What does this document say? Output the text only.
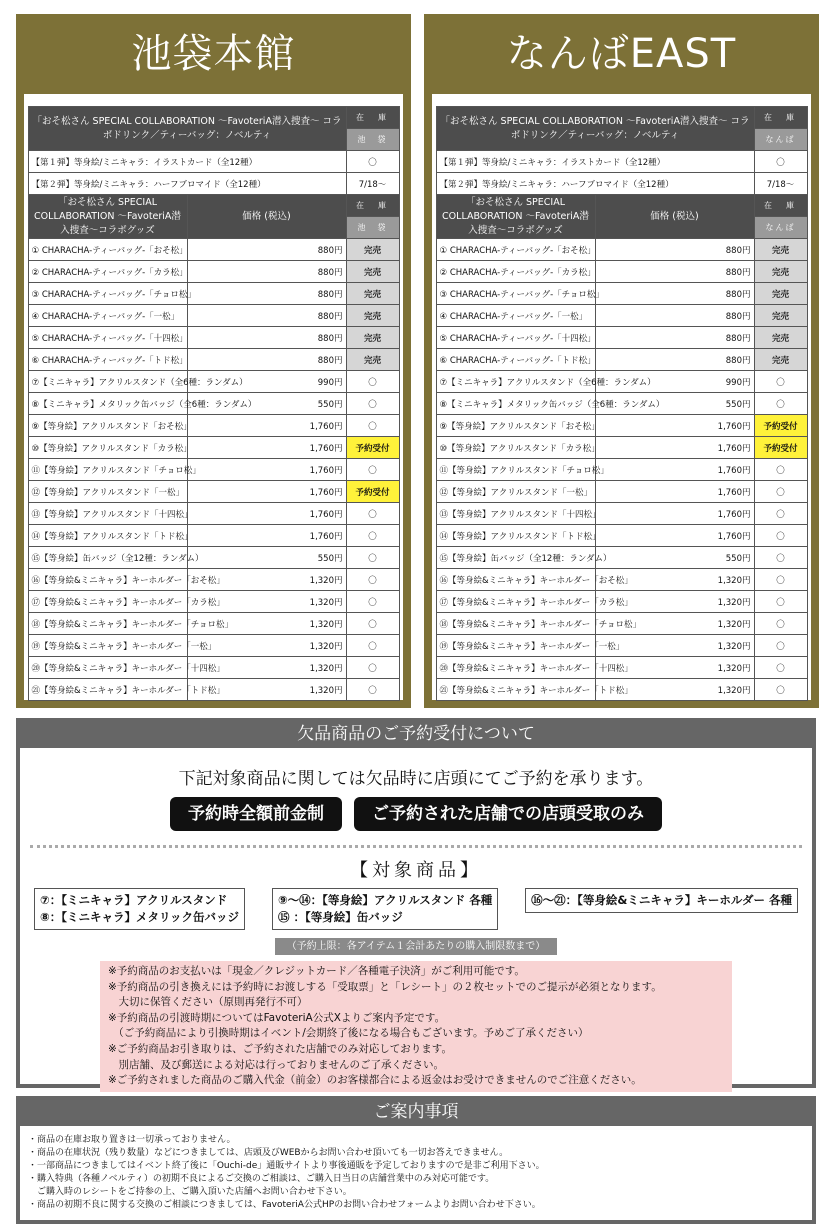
池袋本館
「おそ松さん SPECIAL COLLABORATION 〜FavoteriA潜入捜査〜 コラボドリンク／ティーバッグ：ノベルティ		在　庫
		池　袋
【第１弾】等身絵/ミニキャラ：イラストカード（全12種）		〇
【第２弾】等身絵/ミニキャラ：ハーフブロマイド（全12種）		7/18〜
「おそ松さん SPECIAL COLLABORATION 〜FavoteriA潜入捜査〜コラボグッズ	価格 (税込)	在　庫
		池　袋
① CHARACHA-ティーバッグ-「おそ松」	880円	完売
② CHARACHA-ティーバッグ-「カラ松」	880円	完売
③ CHARACHA-ティーバッグ-「チョロ松」	880円	完売
④ CHARACHA-ティーバッグ-「一松」	880円	完売
⑤ CHARACHA-ティーバッグ-「十四松」	880円	完売
⑥ CHARACHA-ティーバッグ-「トド松」	880円	完売
⑦【ミニキャラ】アクリルスタンド（全6種：ランダム）	990円	〇
⑧【ミニキャラ】メタリック缶バッジ（全6種：ランダム）	550円	〇
⑨【等身絵】アクリルスタンド「おそ松」	1,760円	〇
⑩【等身絵】アクリルスタンド「カラ松」	1,760円	予約受付
⑪【等身絵】アクリルスタンド「チョロ松」	1,760円	〇
⑫【等身絵】アクリルスタンド「一松」	1,760円	予約受付
⑬【等身絵】アクリルスタンド「十四松」	1,760円	〇
⑭【等身絵】アクリルスタンド「トド松」	1,760円	〇
⑮【等身絵】缶バッジ（全12種：ランダム）	550円	〇
⑯【等身絵&ミニキャラ】キーホルダー「おそ松」	1,320円	〇
⑰【等身絵&ミニキャラ】キーホルダー「カラ松」	1,320円	〇
⑱【等身絵&ミニキャラ】キーホルダー「チョロ松」	1,320円	〇
⑲【等身絵&ミニキャラ】キーホルダー「一松」	1,320円	〇
⑳【等身絵&ミニキャラ】キーホルダー「十四松」	1,320円	〇
㉑【等身絵&ミニキャラ】キーホルダー「トド松」	1,320円	〇
なんばEAST
「おそ松さん SPECIAL COLLABORATION 〜FavoteriA潜入捜査〜 コラボドリンク／ティーバッグ：ノベルティ		在　庫
		なんば
【第１弾】等身絵/ミニキャラ：イラストカード（全12種）		〇
【第２弾】等身絵/ミニキャラ：ハーフブロマイド（全12種）		7/18〜
「おそ松さん SPECIAL COLLABORATION 〜FavoteriA潜入捜査〜コラボグッズ	価格 (税込)	在　庫
		なんば
① CHARACHA-ティーバッグ-「おそ松」	880円	完売
② CHARACHA-ティーバッグ-「カラ松」	880円	完売
③ CHARACHA-ティーバッグ-「チョロ松」	880円	完売
④ CHARACHA-ティーバッグ-「一松」	880円	完売
⑤ CHARACHA-ティーバッグ-「十四松」	880円	完売
⑥ CHARACHA-ティーバッグ-「トド松」	880円	完売
⑦【ミニキャラ】アクリルスタンド（全6種：ランダム）	990円	〇
⑧【ミニキャラ】メタリック缶バッジ（全6種：ランダム）	550円	〇
⑨【等身絵】アクリルスタンド「おそ松」	1,760円	予約受付
⑩【等身絵】アクリルスタンド「カラ松」	1,760円	予約受付
⑪【等身絵】アクリルスタンド「チョロ松」	1,760円	〇
⑫【等身絵】アクリルスタンド「一松」	1,760円	〇
⑬【等身絵】アクリルスタンド「十四松」	1,760円	〇
⑭【等身絵】アクリルスタンド「トド松」	1,760円	〇
⑮【等身絵】缶バッジ（全12種：ランダム）	550円	〇
⑯【等身絵&ミニキャラ】キーホルダー「おそ松」	1,320円	〇
⑰【等身絵&ミニキャラ】キーホルダー「カラ松」	1,320円	〇
⑱【等身絵&ミニキャラ】キーホルダー「チョロ松」	1,320円	〇
⑲【等身絵&ミニキャラ】キーホルダー「一松」	1,320円	〇
⑳【等身絵&ミニキャラ】キーホルダー「十四松」	1,320円	〇
㉑【等身絵&ミニキャラ】キーホルダー「トド松」	1,320円	〇
欠品商品のご予約受付について
下記対象商品に関しては欠品時に店頭にてご予約を承ります。
予約時全額前金制	ご予約された店舗での店頭受取のみ
【対象商品】
⑦：【ミニキャラ】アクリルスタンド
⑧：【ミニキャラ】メタリック缶バッジ
⑨〜⑭：【等身絵】アクリルスタンド 各種
⑮ ：【等身絵】缶バッジ
⑯〜㉑：【等身絵&ミニキャラ】キーホルダー 各種
（予約上限：各アイテム１会計あたりの購入制限数まで）
※予約商品のお支払いは「現金／クレジットカード／各種電子決済」がご利用可能です。
※予約商品の引き換えには予約時にお渡しする「受取票」と「レシート」の２枚セットでのご提示が必須となります。
　大切に保管ください（原則再発行不可）
※予約商品の引渡時期についてはFavoteriA公式Xよりご案内予定です。
　（ご予約商品により引換時期はイベント/会期終了後になる場合もございます。予めご了承ください）
※ご予約商品お引き取りは、ご予約された店舗でのみ対応しております。
　別店舗、及び郵送による対応は行っておりませんのご了承ください。
※ご予約されました商品のご購入代金（前金）のお客様都合による返金はお受けできませんのでご注意ください。
ご案内事項
・商品の在庫お取り置きは一切承っておりません。
・商品の在庫状況（残り数量）などにつきましては、店頭及びWEBからお問い合わせ頂いても一切お答えできません。
・一部商品につきましてはイベント終了後に「Ouchi-de」通販サイトより事後通販を予定しておりますので是非ご利用下さい。
・購入特典（各種ノベルティ）の初期不良によるご交換のご相談は、ご購入日当日の店舗営業中のみ対応可能です。
　ご購入時のレシートをご持参の上、ご購入頂いた店舗へお問い合わせ下さい。
・商品の初期不良に関する交換のご相談につきましては、FavoteriA公式HPのお問い合わせフォームよりお問い合わせ下さい。
